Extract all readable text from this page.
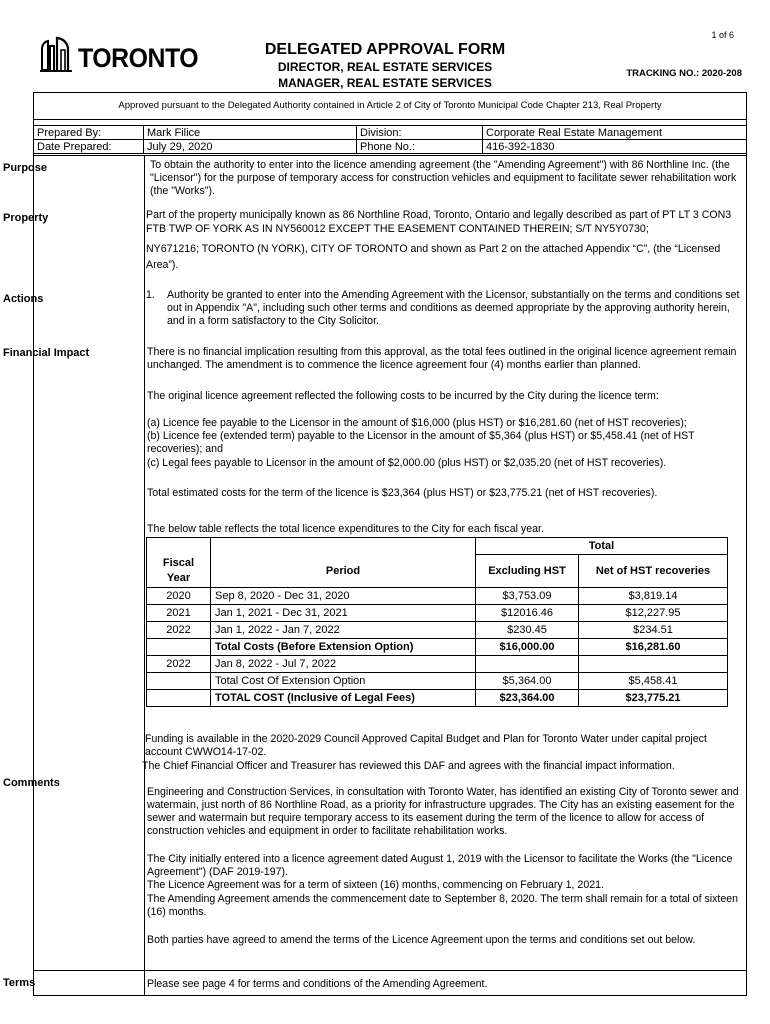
1 of 6
TORONTO	DELEGATED APPROVAL FORM
DIRECTOR, REAL ESTATE SERVICES
MANAGER, REAL ESTATE SERVICES
TRACKING NO.: 2020-208
Approved pursuant to the Delegated Authority contained in Article 2 of City of Toronto Municipal Code Chapter 213, Real Property
Prepared By:	Mark Filice	Division:	Corporate Real Estate Management
Date Prepared:	July 29, 2020	Phone No.:	416-392-1830
Purpose	To obtain the authority to enter into the licence amending agreement (the "Amending Agreement") with 86 Northline Inc. (the "Licensor") for the purpose of temporary access for construction vehicles and equipment to facilitate sewer rehabilitation work (the "Works").
Property	Part of the property municipally known as 86 Northline Road, Toronto, Ontario and legally described as part of PT LT 3 CON3 FTB TWP OF YORK AS IN NY560012 EXCEPT THE EASEMENT CONTAINED THEREIN; S/T NY5Y0730;
NY671216; TORONTO (N YORK), CITY OF TORONTO and shown as Part 2 on the attached Appendix “C”, (the “Licensed Area”).
Actions	1. Authority be granted to enter into the Amending Agreement with the Licensor, substantially on the terms and conditions set out in Appendix "A", including such other terms and conditions as deemed appropriate by the approving authority herein, and in a form satisfactory to the City Solicitor.
Financial Impact	There is no financial implication resulting from this approval, as the total fees outlined in the original licence agreement remain unchanged. The amendment is to commence the licence agreement four (4) months earlier than planned.
The original licence agreement reflected the following costs to be incurred by the City during the licence term:
(a) Licence fee payable to the Licensor in the amount of $16,000 (plus HST) or $16,281.60 (net of HST recoveries);
(b) Licence fee (extended term) payable to the Licensor in the amount of $5,364 (plus HST) or $5,458.41 (net of HST recoveries); and
(c) Legal fees payable to Licensor in the amount of $2,000.00 (plus HST) or $2,035.20 (net of HST recoveries).
Total estimated costs for the term of the licence is $23,364 (plus HST) or $23,775.21 (net of HST recoveries).
The below table reflects the total licence expenditures to the City for each fiscal year.
		Total	
Fiscal Year	Period	Excluding HST	Net of HST recoveries
2020	Sep 8, 2020 - Dec 31, 2020	$3,753.09	$3,819.14
2021	Jan 1, 2021 - Dec 31, 2021	$12016.46	$12,227.95
2022	Jan 1, 2022 - Jan 7, 2022	$230.45	$234.51
	Total Costs (Before Extension Option)	$16,000.00	$16,281.60
2022	Jan 8, 2022 - Jul 7, 2022		
	Total Cost Of Extension Option	$5,364.00	$5,458.41
	TOTAL COST (Inclusive of Legal Fees)	$23,364.00	$23,775.21
Funding is available in the 2020-2029 Council Approved Capital Budget and Plan for Toronto Water under capital project account CWWO14-17-02.
The Chief Financial Officer and Treasurer has reviewed this DAF and agrees with the financial impact information.
Comments
Engineering and Construction Services, in consultation with Toronto Water, has identified an existing City of Toronto sewer and watermain, just north of 86 Northline Road, as a priority for infrastructure upgrades. The City has an existing easement for the sewer and watermain but require temporary access to its easement during the term of the licence to allow for access of construction vehicles and equipment in order to facilitate rehabilitation works.
The City initially entered into a licence agreement dated August 1, 2019 with the Licensor to facilitate the Works (the "Licence Agreement") (DAF 2019-197).
The Licence Agreement was for a term of sixteen (16) months, commencing on February 1, 2021.
The Amending Agreement amends the commencement date to September 8, 2020. The term shall remain for a total of sixteen (16) months.
Both parties have agreed to amend the terms of the Licence Agreement upon the terms and conditions set out below.
Terms	Please see page 4 for terms and conditions of the Amending Agreement.
